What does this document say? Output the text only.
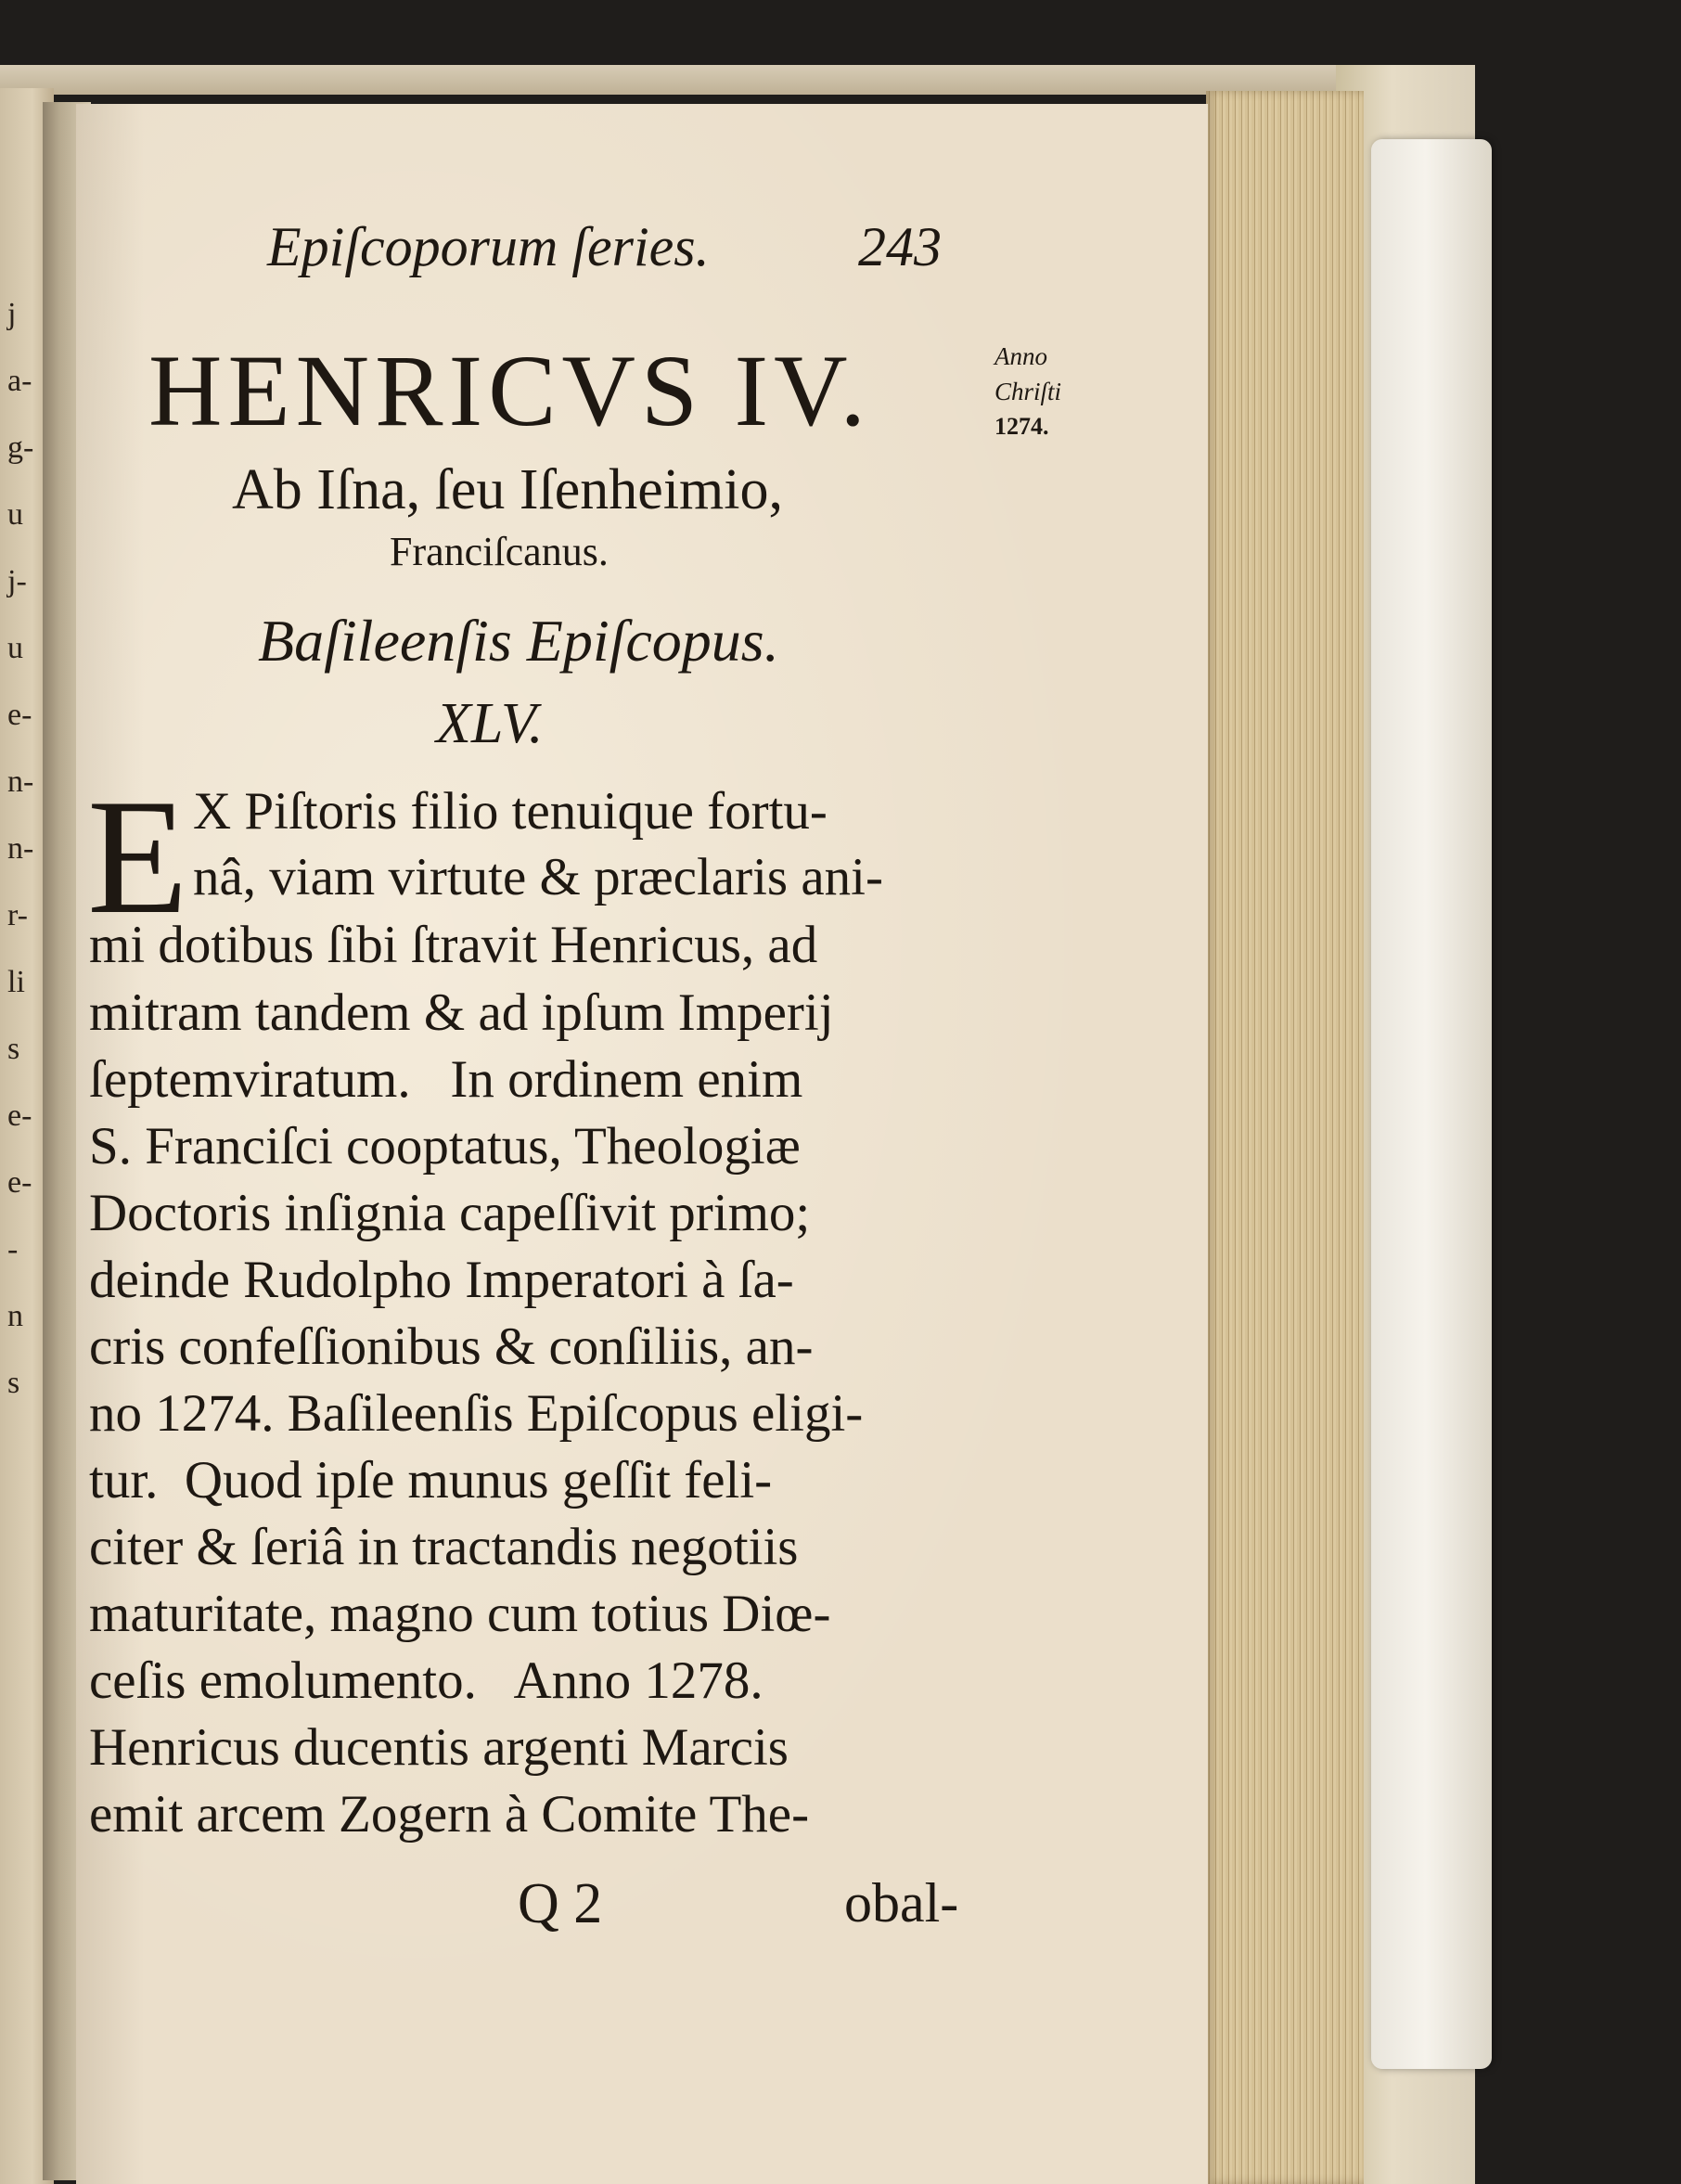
j
a-
g-
u
j-
u
e-
n-
n-
r-
li
s
e-
e-
-
n
s
Epiſcoporum ſeries.	243
HENRICVS IV.	Anno
Chriſti
1274.
Ab Iſna, ſeu Iſenheimio,
Franciſcanus.
Baſileenſis Epiſcopus.
XLV.
E X Piſtoris filio tenuique fortu-
nâ, viam virtute & præclaris ani-
mi dotibus ſibi ſtravit Henricus, ad
mitram tandem & ad ipſum Imperij
ſeptemviratum.   In ordinem enim
S. Franciſci cooptatus, Theologiæ
Doctoris inſignia capeſſivit primo;
deinde Rudolpho Imperatori à ſa-
cris confeſſionibus & conſiliis, an-
no 1274. Baſileenſis Epiſcopus eligi-
tur.  Quod ipſe munus geſſit feli-
citer & ſeriâ in tractandis negotiis
maturitate, magno cum totius Diœ-
ceſis emolumento.   Anno 1278.
Henricus ducentis argenti Marcis
emit arcem Zogern à Comite The-
Q 2	obal-
